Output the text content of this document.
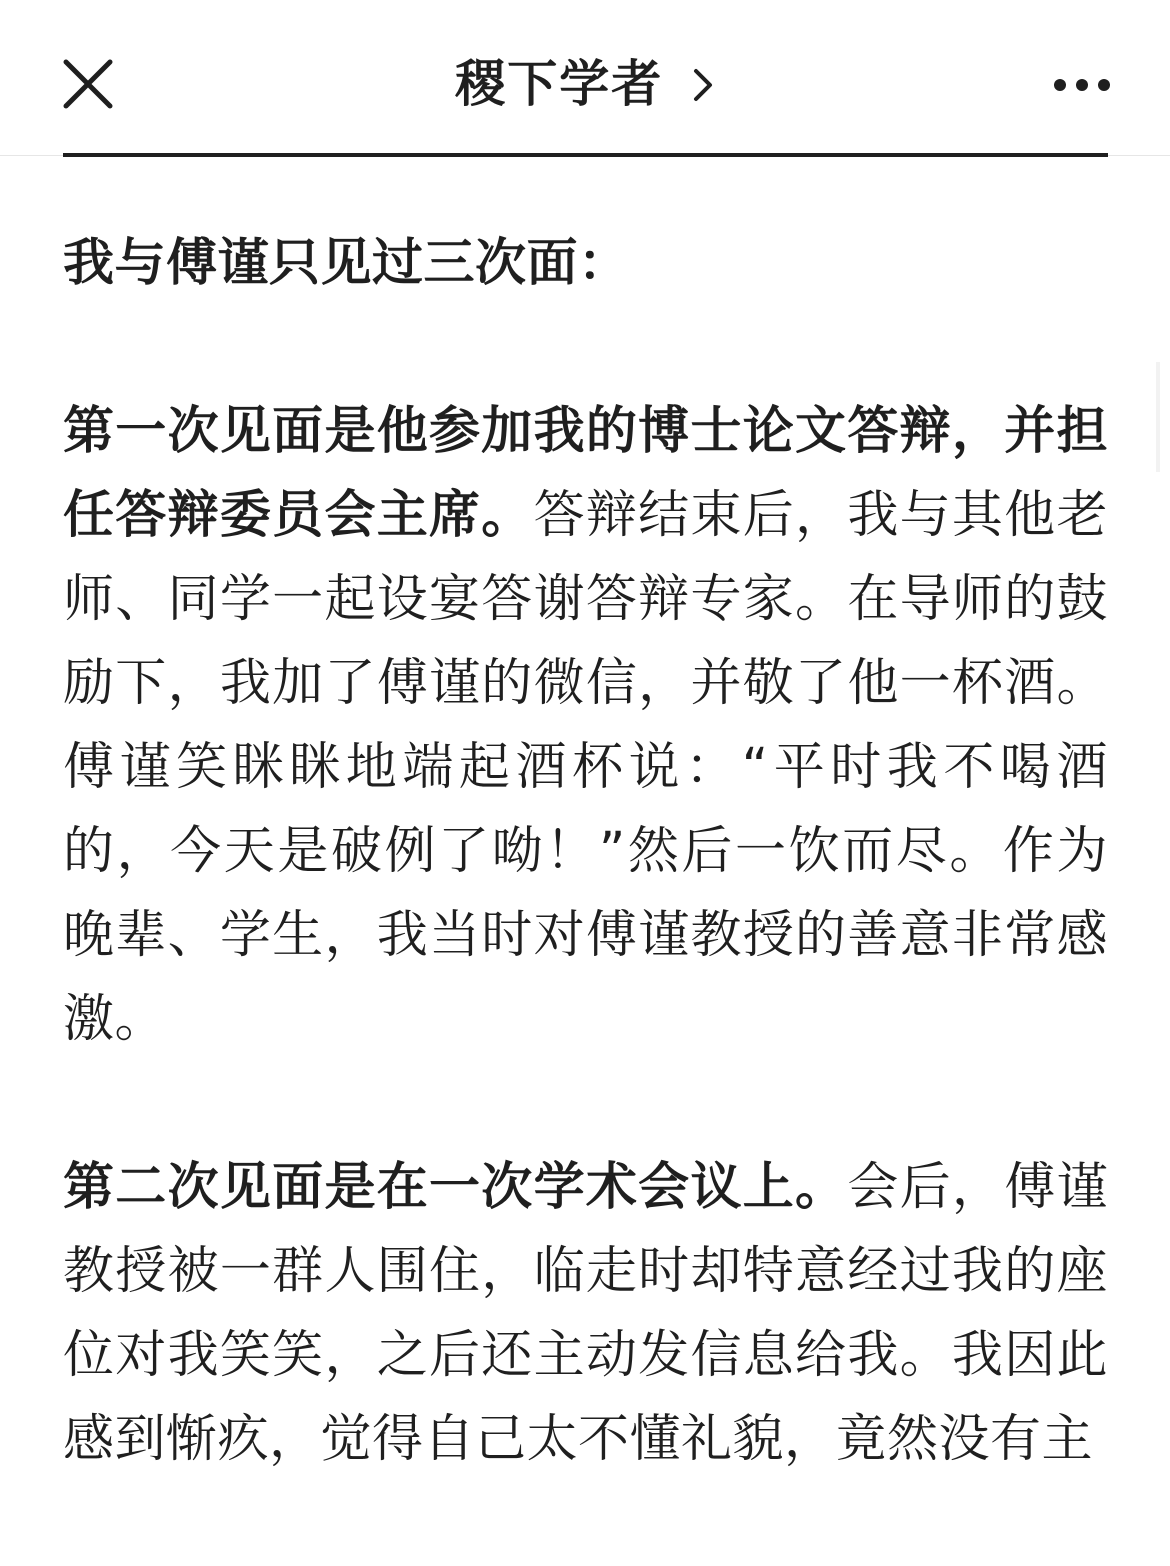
稷下学者

我与傅谨只见过三次面：

第一次见面是他参加我的博士论文答辩，并担任答辩委员会主席。答辩结束后，我与其他老师、同学一起设宴答谢答辩专家。在导师的鼓励下，我加了傅谨的微信，并敬了他一杯酒。傅谨笑眯眯地端起酒杯说：“平时我不喝酒的，今天是破例了呦！”然后一饮而尽。作为晚辈、学生，我当时对傅谨教授的善意非常感激。

第二次见面是在一次学术会议上。会后，傅谨教授被一群人围住，临走时却特意经过我的座位对我笑笑，之后还主动发信息给我。我因此感到惭疚，觉得自己太不懂礼貌，竟然没有主
